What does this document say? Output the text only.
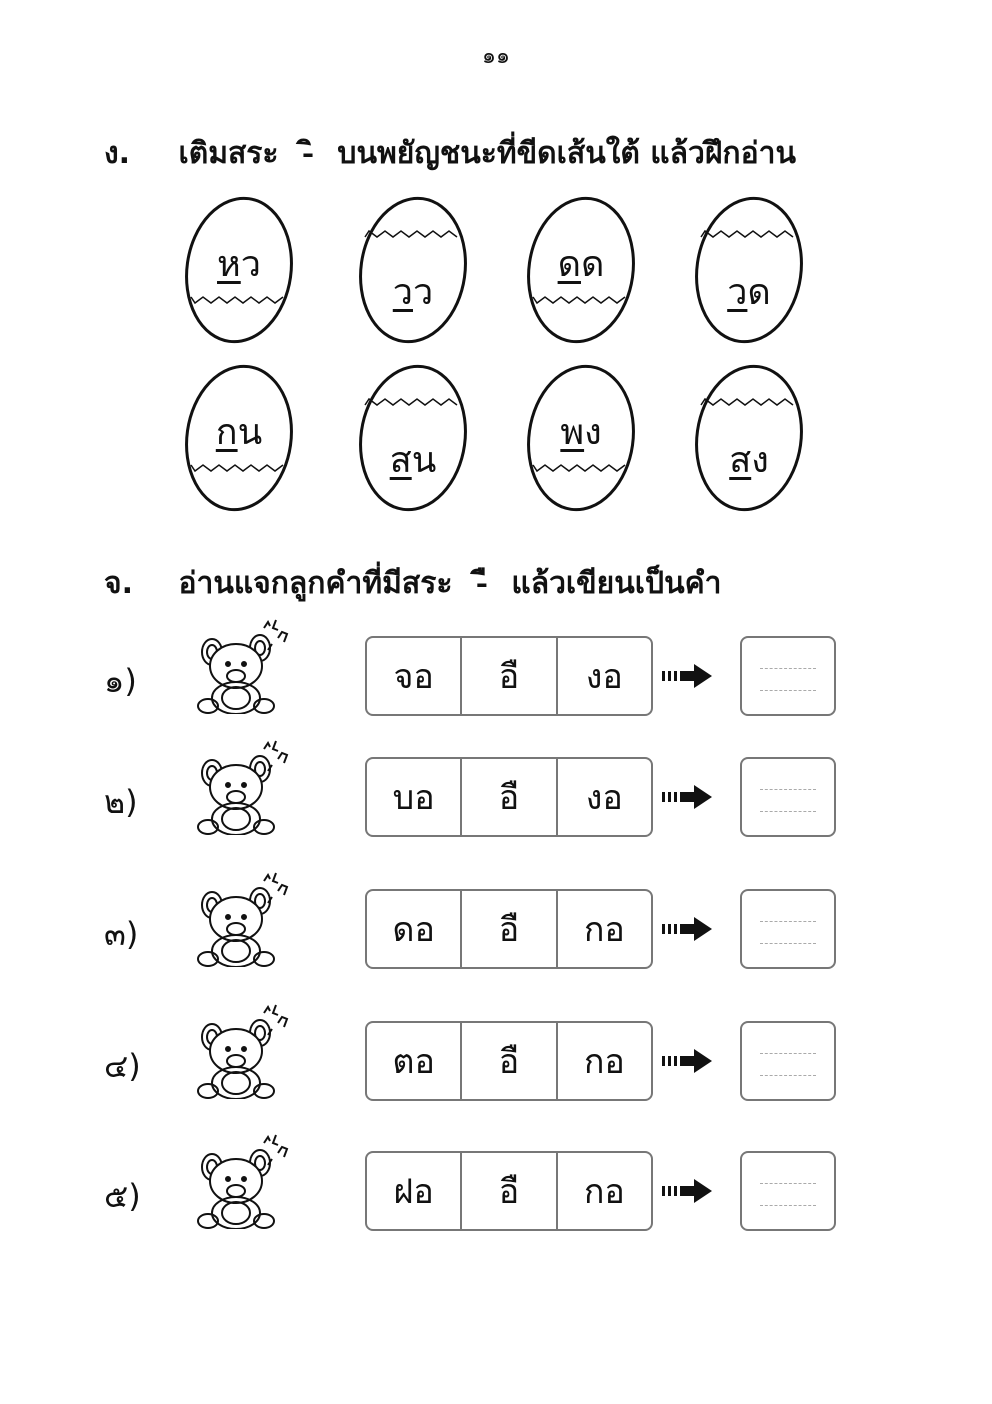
๑๑
ง. เติมสระ - บนพยัญชนะที่ขีดเส้นใต้ แล้วฝึกอ่าน
จ. อ่านแจกลูกคำที่มีสระ - แล้วเขียนเป็นคำ
หว
วว
ดด
วด
กน
สน
พง
สง
๑)	จอ	อื	งอ
๒)	บอ	อื	งอ
๓)	ดอ	อื	กอ
๔)	ตอ	อื	กอ
๕)	ฝอ	อื	กอ
